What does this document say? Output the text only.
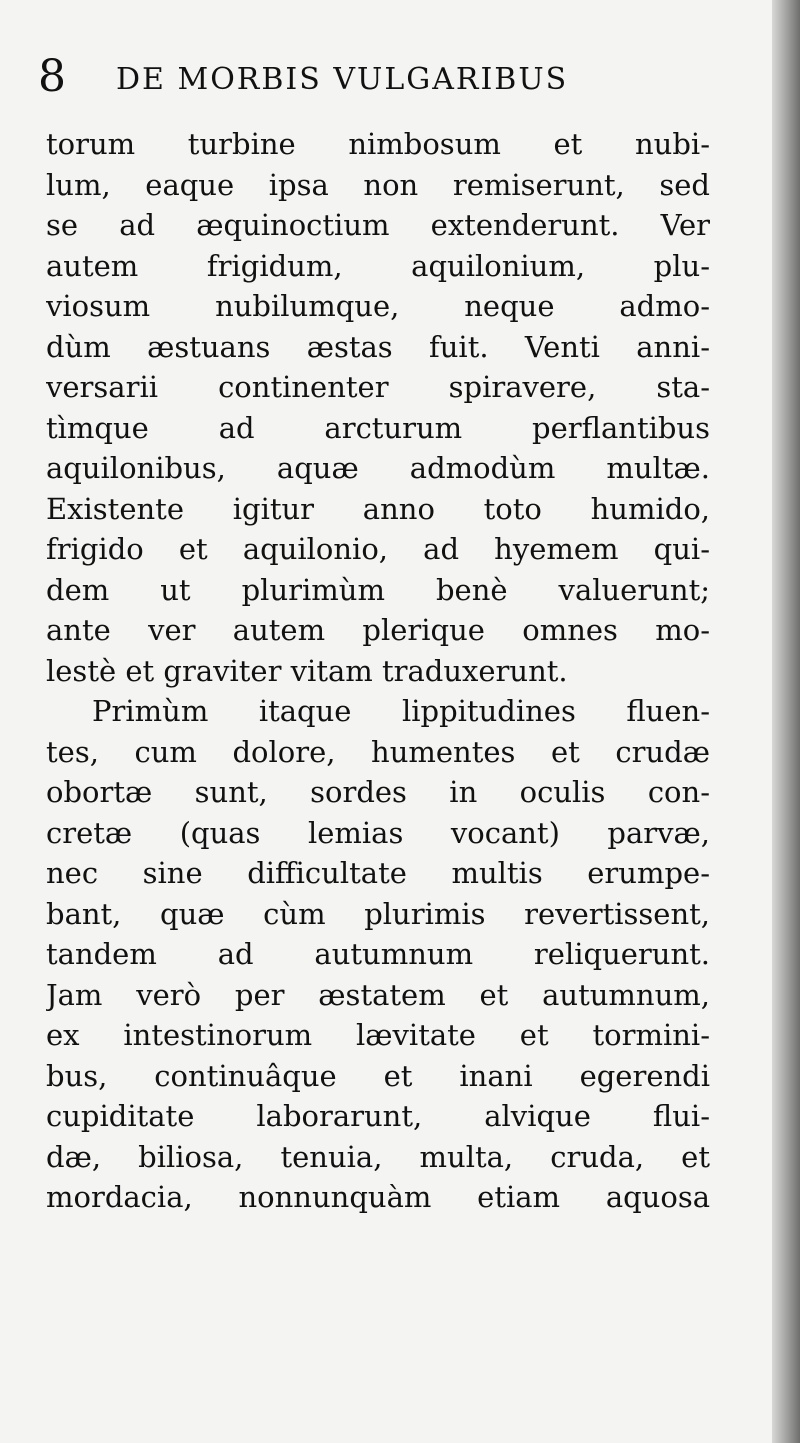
8 DE MORBIS VULGARIBUS
torum turbine nimbosum et nubi-
lum, eaque ipsa non remiserunt, sed
se ad æquinoctium extenderunt. Ver
autem frigidum, aquilonium, plu-
viosum nubilumque, neque admo-
dùm æstuans æstas fuit. Venti anni-
versarii continenter spiravere, sta-
tìmque ad arcturum perflantibus
aquilonibus, aquæ admodùm multæ.
Existente igitur anno toto humido,
frigido et aquilonio, ad hyemem qui-
dem ut plurimùm benè valuerunt;
ante ver autem plerique omnes mo-
lestè et graviter vitam traduxerunt.
Primùm itaque lippitudines fluen-
tes, cum dolore, humentes et crudæ
obortæ sunt, sordes in oculis con-
cretæ (quas lemias vocant) parvæ,
nec sine difficultate multis erumpe-
bant, quæ cùm plurimis revertissent,
tandem ad autumnum reliquerunt.
Jam verò per æstatem et autumnum,
ex intestinorum lævitate et tormini-
bus, continuâque et inani egerendi
cupiditate laborarunt, alvique flui-
dæ, biliosa, tenuia, multa, cruda, et
mordacia, nonnunquàm etiam aquosa
